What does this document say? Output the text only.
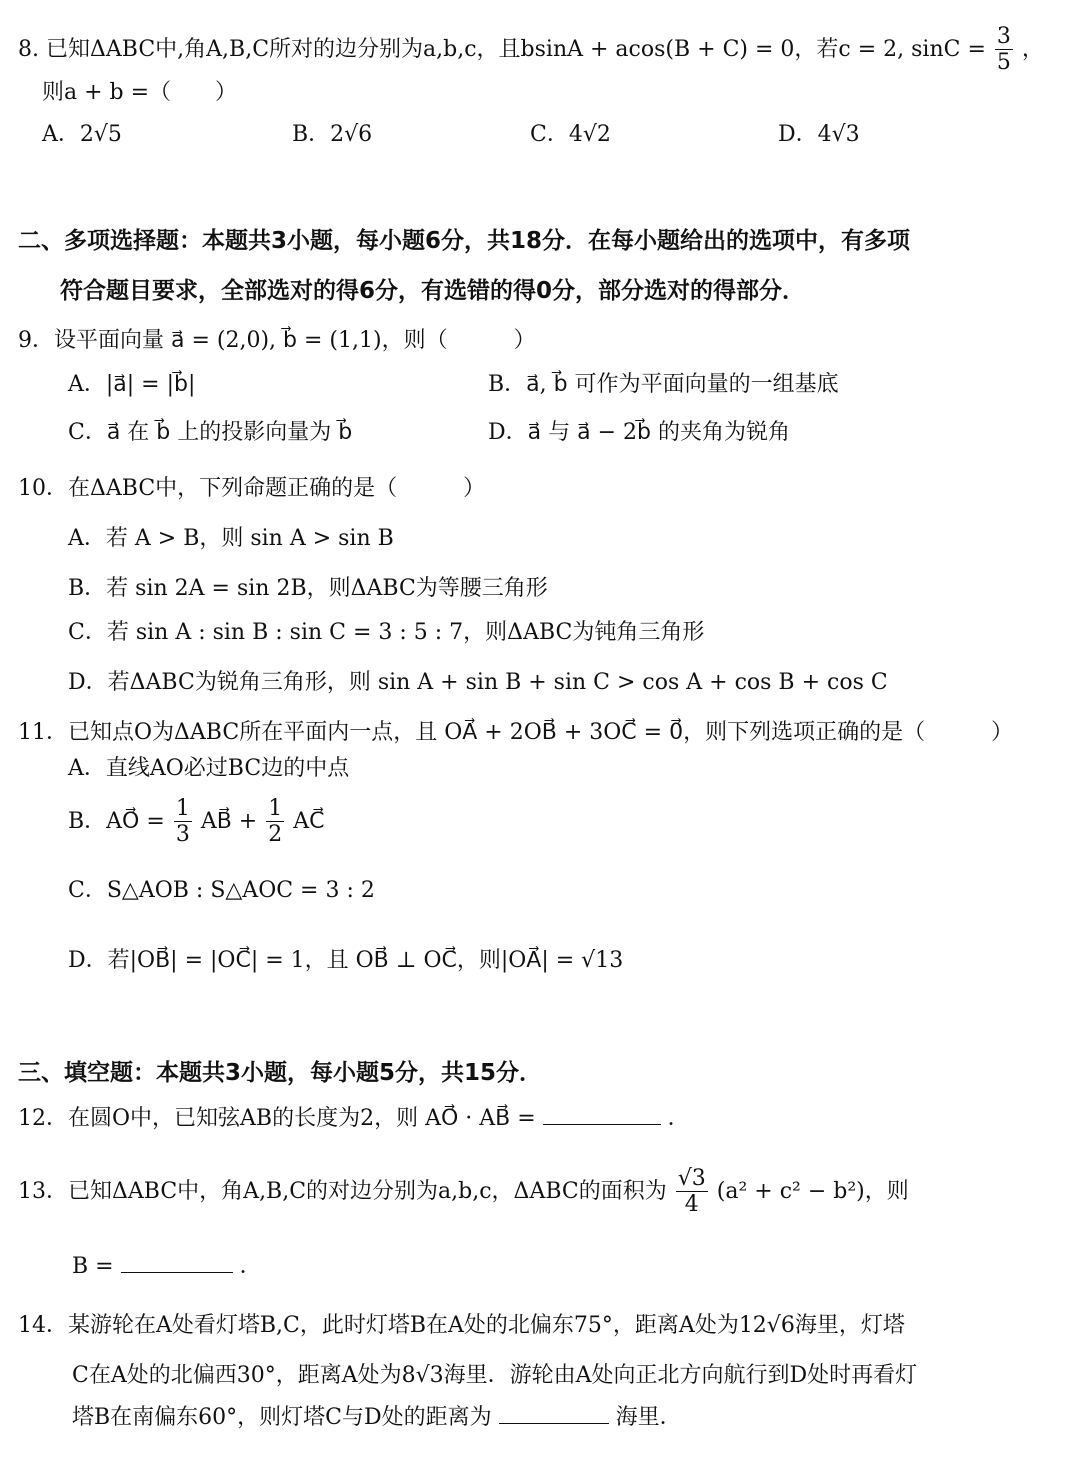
8. 已知ΔABC中,角A,B,C所对的边分别为a,b,c，且bsinA + acos(B + C) = 0，若c = 2, $\sin C = \frac{3}{5}$ ，
则a + b =（　　）
A．2√5	B．2√6	C．4√2	D．4√3
二、多项选择题：本题共3小题，每小题6分，共18分．在每小题给出的选项中，有多项
符合题目要求，全部选对的得6分，有选错的得0分，部分选对的得部分．
9．设平面向量 a⃗ = (2,0), b⃗ = (1,1)，则（　　　）
A．|a⃗| = |b⃗|	B．a⃗, b⃗ 可作为平面向量的一组基底
C．a⃗ 在 b⃗ 上的投影向量为 b⃗	D．a⃗ 与 a⃗ − 2b⃗ 的夹角为锐角
10．在ΔABC中，下列命题正确的是（　　　）
A．若 A > B，则 sin A > sin B
B．若 sin 2A = sin 2B，则ΔABC为等腰三角形
C．若 sin A : sin B : sin C = 3 : 5 : 7，则ΔABC为钝角三角形
D．若ΔABC为锐角三角形，则 sin A + sin B + sin C > cos A + cos B + cos C
11．已知点O为ΔABC所在平面内一点，且 OA⃗ + 2OB⃗ + 3OC⃗ = 0⃗，则下列选项正确的是（　　　）
A．直线AO必过BC边的中点
B．AO⃗ = $\frac{1}{3}$ AB⃗ + $\frac{1}{2}$ AC⃗
C．S△AOB : S△AOC = 3 : 2
D．若|OB⃗| = |OC⃗| = 1，且 OB⃗ ⊥ OC⃗，则|OA⃗| = √13
三、填空题：本题共3小题，每小题5分，共15分．
12．在圆O中，已知弦AB的长度为2，则 AO⃗ · AB⃗ =	．
13．已知ΔABC中，角A,B,C的对边分别为a,b,c，ΔABC的面积为 $\frac{√3}{4} (a^2 + c^2 - b^2)$，则
B =	．
14．某游轮在A处看灯塔B,C，此时灯塔B在A处的北偏东75°，距离A处为12√6海里，灯塔
C在A处的北偏西30°，距离A处为8√3海里．游轮由A处向正北方向航行到D处时再看灯
塔B在南偏东60°，则灯塔C与D处的距离为	海里．
